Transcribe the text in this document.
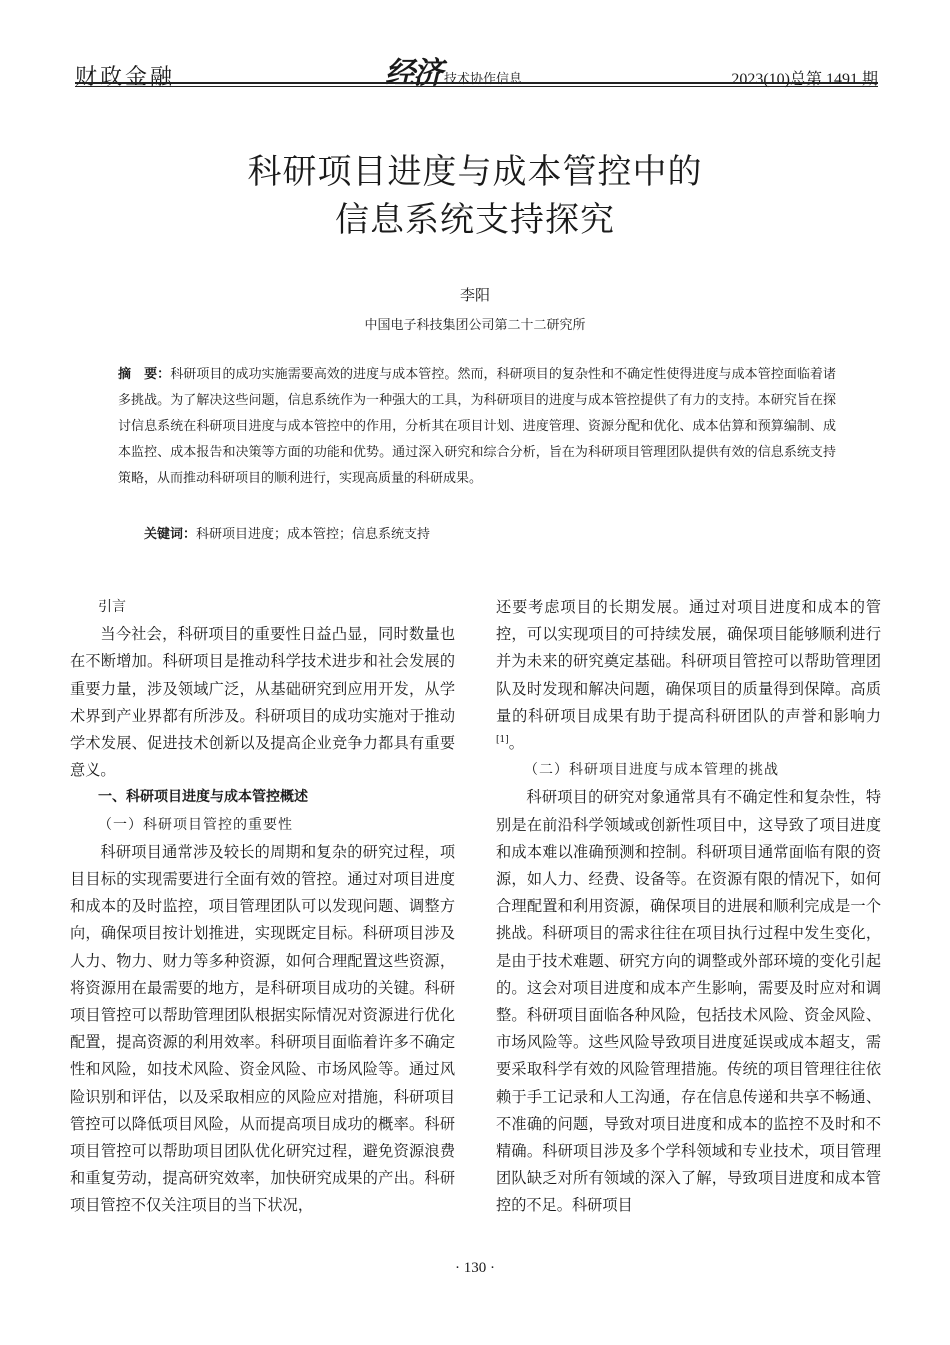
财政金融	经济 技术协作信息	2023(10)总第 1491 期
科研项目进度与成本管控中的
信息系统支持探究
李阳
中国电子科技集团公司第二十二研究所
摘　要：科研项目的成功实施需要高效的进度与成本管控。然而，科研项目的复杂性和不确定性使得进度与成本管控面临着诸多挑战。为了解决这些问题，信息系统作为一种强大的工具，为科研项目的进度与成本管控提供了有力的支持。本研究旨在探讨信息系统在科研项目进度与成本管控中的作用，分析其在项目计划、进度管理、资源分配和优化、成本估算和预算编制、成本监控、成本报告和决策等方面的功能和优势。通过深入研究和综合分析，旨在为科研项目管理团队提供有效的信息系统支持策略，从而推动科研项目的顺利进行，实现高质量的科研成果。
关键词：科研项目进度；成本管控；信息系统支持
引言

当今社会，科研项目的重要性日益凸显，同时数量也在不断增加。科研项目是推动科学技术进步和社会发展的重要力量，涉及领域广泛，从基础研究到应用开发，从学术界到产业界都有所涉及。科研项目的成功实施对于推动学术发展、促进技术创新以及提高企业竞争力都具有重要意义。

一、科研项目进度与成本管控概述
（一）科研项目管控的重要性

科研项目通常涉及较长的周期和复杂的研究过程，项目目标的实现需要进行全面有效的管控。通过对项目进度和成本的及时监控，项目管理团队可以发现问题、调整方向，确保项目按计划推进，实现既定目标。科研项目涉及人力、物力、财力等多种资源，如何合理配置这些资源，将资源用在最需要的地方，是科研项目成功的关键。科研项目管控可以帮助管理团队根据实际情况对资源进行优化配置，提高资源的利用效率。科研项目面临着许多不确定性和风险，如技术风险、资金风险、市场风险等。通过风险识别和评估，以及采取相应的风险应对措施，科研项目管控可以降低项目风险，从而提高项目成功的概率。科研项目管控可以帮助项目团队优化研究过程，避免资源浪费和重复劳动，提高研究效率，加快研究成果的产出。科研项目管控不仅关注项目的当下状况，

还要考虑项目的长期发展。通过对项目进度和成本的管控，可以实现项目的可持续发展，确保项目能够顺利进行并为未来的研究奠定基础。科研项目管控可以帮助管理团队及时发现和解决问题，确保项目的质量得到保障。高质量的科研项目成果有助于提高科研团队的声誉和影响力[1]。

（二）科研项目进度与成本管理的挑战

科研项目的研究对象通常具有不确定性和复杂性，特别是在前沿科学领域或创新性项目中，这导致了项目进度和成本难以准确预测和控制。科研项目通常面临有限的资源，如人力、经费、设备等。在资源有限的情况下，如何合理配置和利用资源，确保项目的进展和顺利完成是一个挑战。科研项目的需求往往在项目执行过程中发生变化，是由于技术难题、研究方向的调整或外部环境的变化引起的。这会对项目进度和成本产生影响，需要及时应对和调整。科研项目面临各种风险，包括技术风险、资金风险、市场风险等。这些风险导致项目进度延误或成本超支，需要采取科学有效的风险管理措施。传统的项目管理往往依赖于手工记录和人工沟通，存在信息传递和共享不畅通、不准确的问题，导致对项目进度和成本的监控不及时和不精确。科研项目涉及多个学科领域和专业技术，项目管理团队缺乏对所有领域的深入了解，导致项目进度和成本管控的不足。科研项目

· 130 ·
